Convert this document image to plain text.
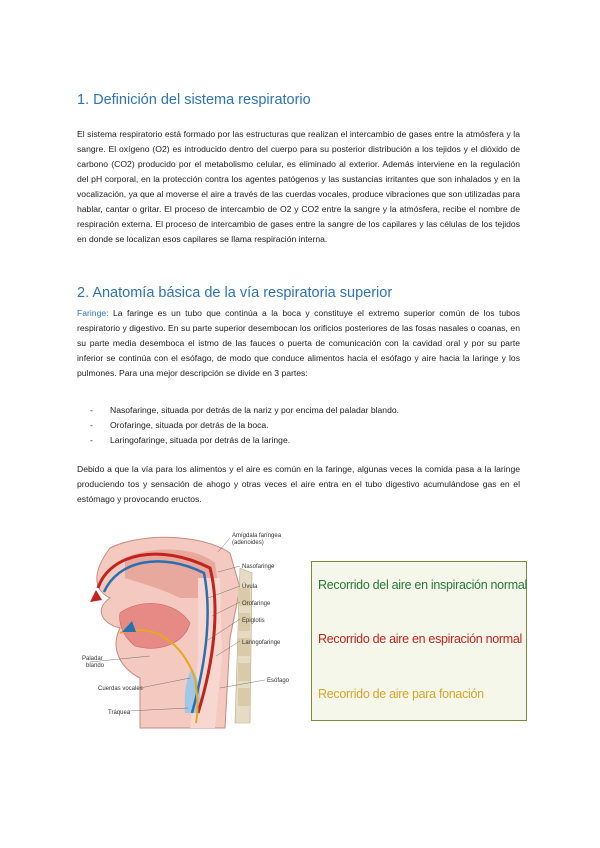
1. Definición del sistema respiratorio

El sistema respiratorio está formado por las estructuras que realizan el intercambio de gases entre la atmósfera y la sangre. El oxígeno (O2) es introducido dentro del cuerpo para su posterior distribución a los tejidos y el dióxido de carbono (CO2) producido por el metabolismo celular, es eliminado al exterior. Además interviene en la regulación del pH corporal, en la protección contra los agentes patógenos y las sustancias irritantes que son inhalados y en la vocalización, ya que al moverse el aire a través de las cuerdas vocales, produce vibraciones que son utilizadas para hablar, cantar o gritar. El proceso de intercambio de O2 y CO2 entre la sangre y la atmósfera, recibe el nombre de respiración externa. El proceso de intercambio de gases entre la sangre de los capilares y las células de los tejidos en donde se localizan esos capilares se llama respiración interna.

2. Anatomía básica de la vía respiratoria superior

Faringe: La faringe es un tubo que continúa a la boca y constituye el extremo superior común de los tubos respiratorio y digestivo. En su parte superior desembocan los orificios posteriores de las fosas nasales o coanas, en su parte media desemboca el istmo de las fauces o puerta de comunicación con la cavidad oral y por su parte inferior se continúa con el esófago, de modo que conduce alimentos hacia el esófago y aire hacia la laringe y los pulmones. Para una mejor descripción se divide en 3 partes:

- Nasofaringe, situada por detrás de la nariz y por encima del paladar blando.
- Orofaringe, situada por detrás de la boca.
- Laringofaringe, situada por detrás de la laringe.

Debido a que la vía para los alimentos y el aire es común en la faringe, algunas veces la comida pasa a la laringe produciendo tos y sensación de ahogo y otras veces el aire entra en el tubo digestivo acumulándose gas en el estómago y provocando eructos.

Amígdala faríngea
(adenoides)
Nasofaringe
Úvula
Orofaringe
Epiglotis
Laringofaringe
Esófago
Paladar
blando
Cuerdas vocales
Tráquea
Recorrido del aire en inspiración normal
Recorrido de aire en espiración normal
Recorrido de aire para fonación
